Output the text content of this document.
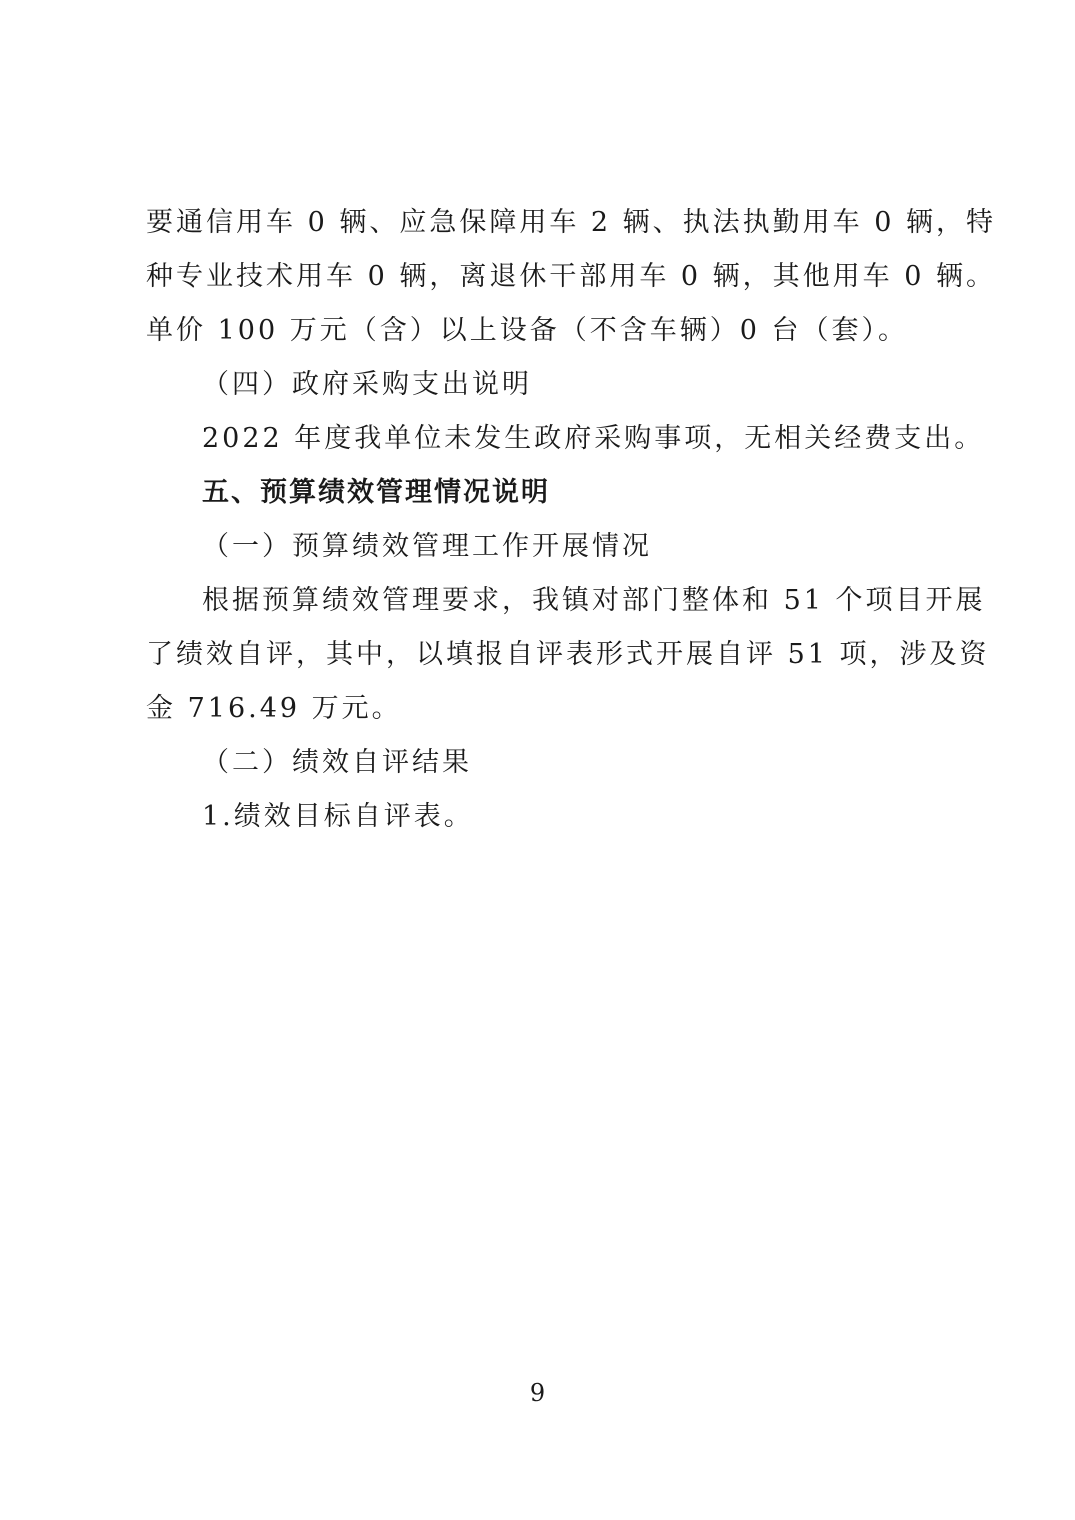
要通信用车 0 辆、应急保障用车 2 辆、执法执勤用车 0 辆，特
种专业技术用车 0 辆，离退休干部用车 0 辆，其他用车 0 辆。
单价 100 万元（含）以上设备（不含车辆）0 台（套）。
（四）政府采购支出说明
2022 年度我单位未发生政府采购事项，无相关经费支出。
五、预算绩效管理情况说明
（一）预算绩效管理工作开展情况
根据预算绩效管理要求，我镇对部门整体和 51 个项目开展
了绩效自评，其中，以填报自评表形式开展自评 51 项，涉及资
金 716.49 万元。
（二）绩效自评结果
1.绩效目标自评表。
9
